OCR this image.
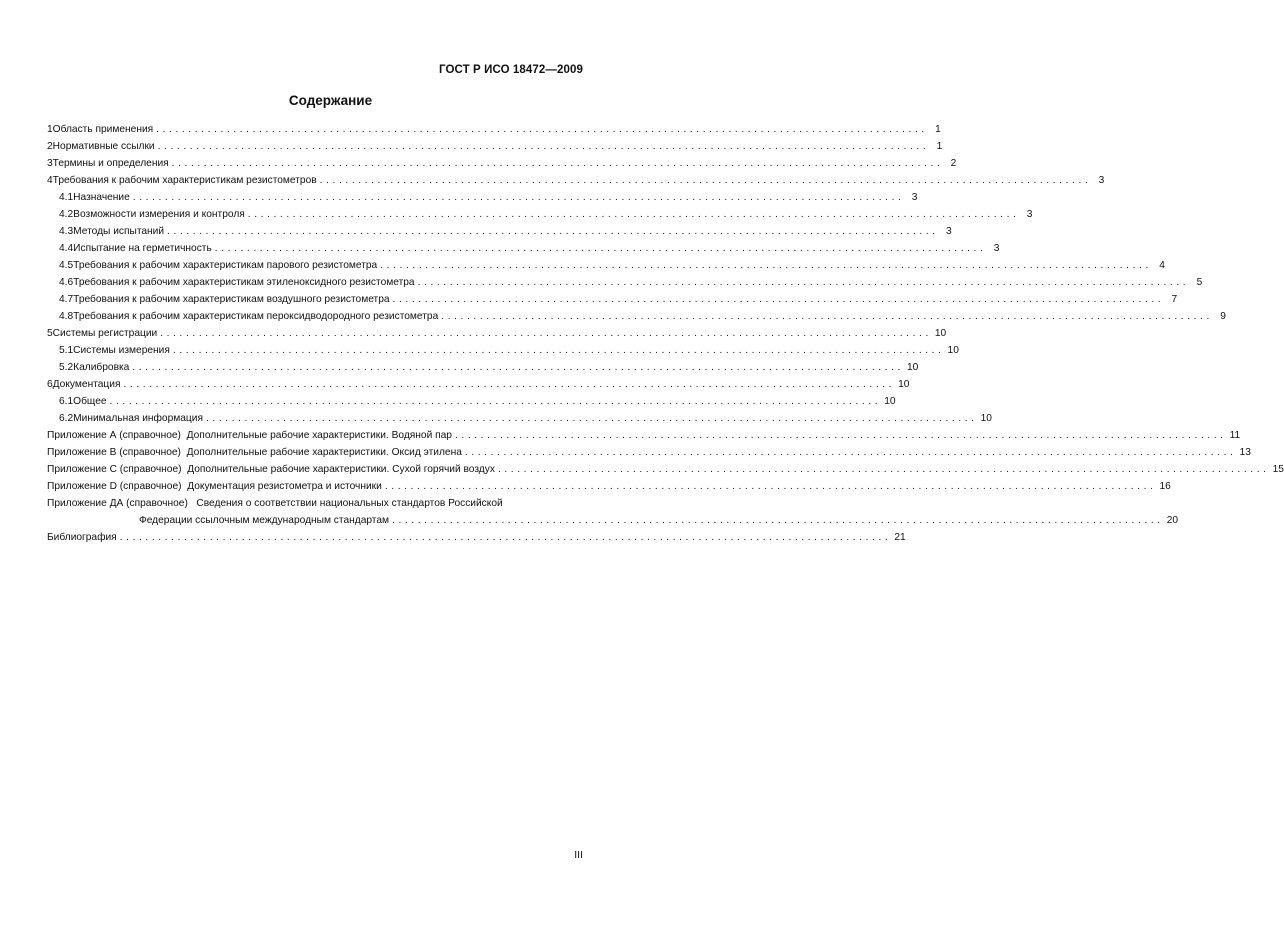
ГОСТ Р ИСО 18472—2009
Содержание
1 Область применения ........................................................................................................................ 1
2 Нормативные ссылки ........................................................................................................................ 1
3 Термины и определения ........................................................................................................................ 2
4 Требования к рабочим характеристикам резистометров ........................................................................................................................ 3
4.1 Назначение ........................................................................................................................ 3
4.2 Возможности измерения и контроля ........................................................................................................................ 3
4.3 Методы испытаний ........................................................................................................................ 3
4.4 Испытание на герметичность ........................................................................................................................ 3
4.5 Требования к рабочим характеристикам парового резистометра ........................................................................................................................ 4
4.6 Требования к рабочим характеристикам этиленоксидного резистометра ........................................................................................................................ 5
4.7 Требования к рабочим характеристикам воздушного резистометра ........................................................................................................................ 7
4.8 Требования к рабочим характеристикам пероксидводородного резистометра ........................................................................................................................ 9
5 Системы регистрации ........................................................................................................................ 10
5.1 Системы измерения ........................................................................................................................ 10
5.2 Калибровка ........................................................................................................................ 10
6 Документация ........................................................................................................................ 10
6.1 Общее ........................................................................................................................ 10
6.2 Минимальная информация ........................................................................................................................ 10
Приложение А (справочное)
Дополнительные рабочие характеристики. Водяной пар ........................................................................................................................ 11
Приложение В (справочное)
Дополнительные рабочие характеристики. Оксид этилена ........................................................................................................................ 13
Приложение С (справочное)
Дополнительные рабочие характеристики. Сухой горячий воздух ........................................................................................................................ 15
Приложение D (справочное)
Документация резистометра и источники ........................................................................................................................ 16
Приложение ДА (справочное) Сведения о соответствии национальных стандартов Российской
Федерации ссылочным международным стандартам ........................................................................................................................ 20
Библиография ........................................................................................................................ 21
III
